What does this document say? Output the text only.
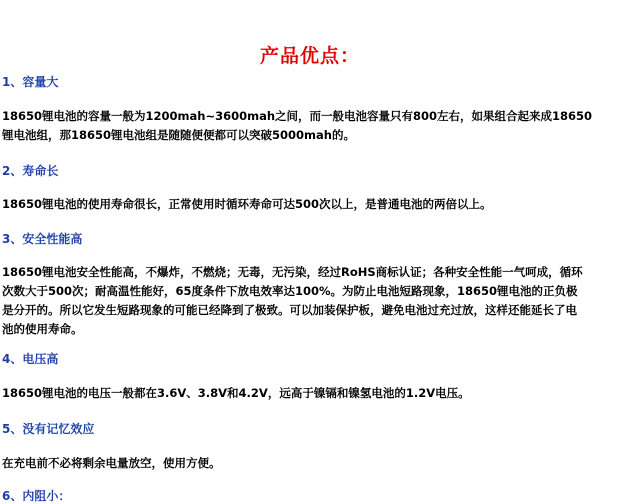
产品优点：
1、容量大
18650锂电池的容量一般为1200mah~3600mah之间，而一般电池容量只有800左右，如果组合起来成18650
锂电池组，那18650锂电池组是随随便便都可以突破5000mah的。
2、寿命长
18650锂电池的使用寿命很长，正常使用时循环寿命可达500次以上，是普通电池的两倍以上。
3、安全性能高
18650锂电池安全性能高，不爆炸，不燃烧；无毒，无污染，经过RoHS商标认证；各种安全性能一气呵成，循环
次数大于500次；耐高温性能好，65度条件下放电效率达100%。为防止电池短路现象，18650锂电池的正负极
是分开的。所以它发生短路现象的可能已经降到了极致。可以加装保护板，避免电池过充过放，这样还能延长了电
池的使用寿命。
4、电压高
18650锂电池的电压一般都在3.6V、3.8V和4.2V，远高于镍镉和镍氢电池的1.2V电压。
5、没有记忆效应
在充电前不必将剩余电量放空，使用方便。
6、内阻小：
